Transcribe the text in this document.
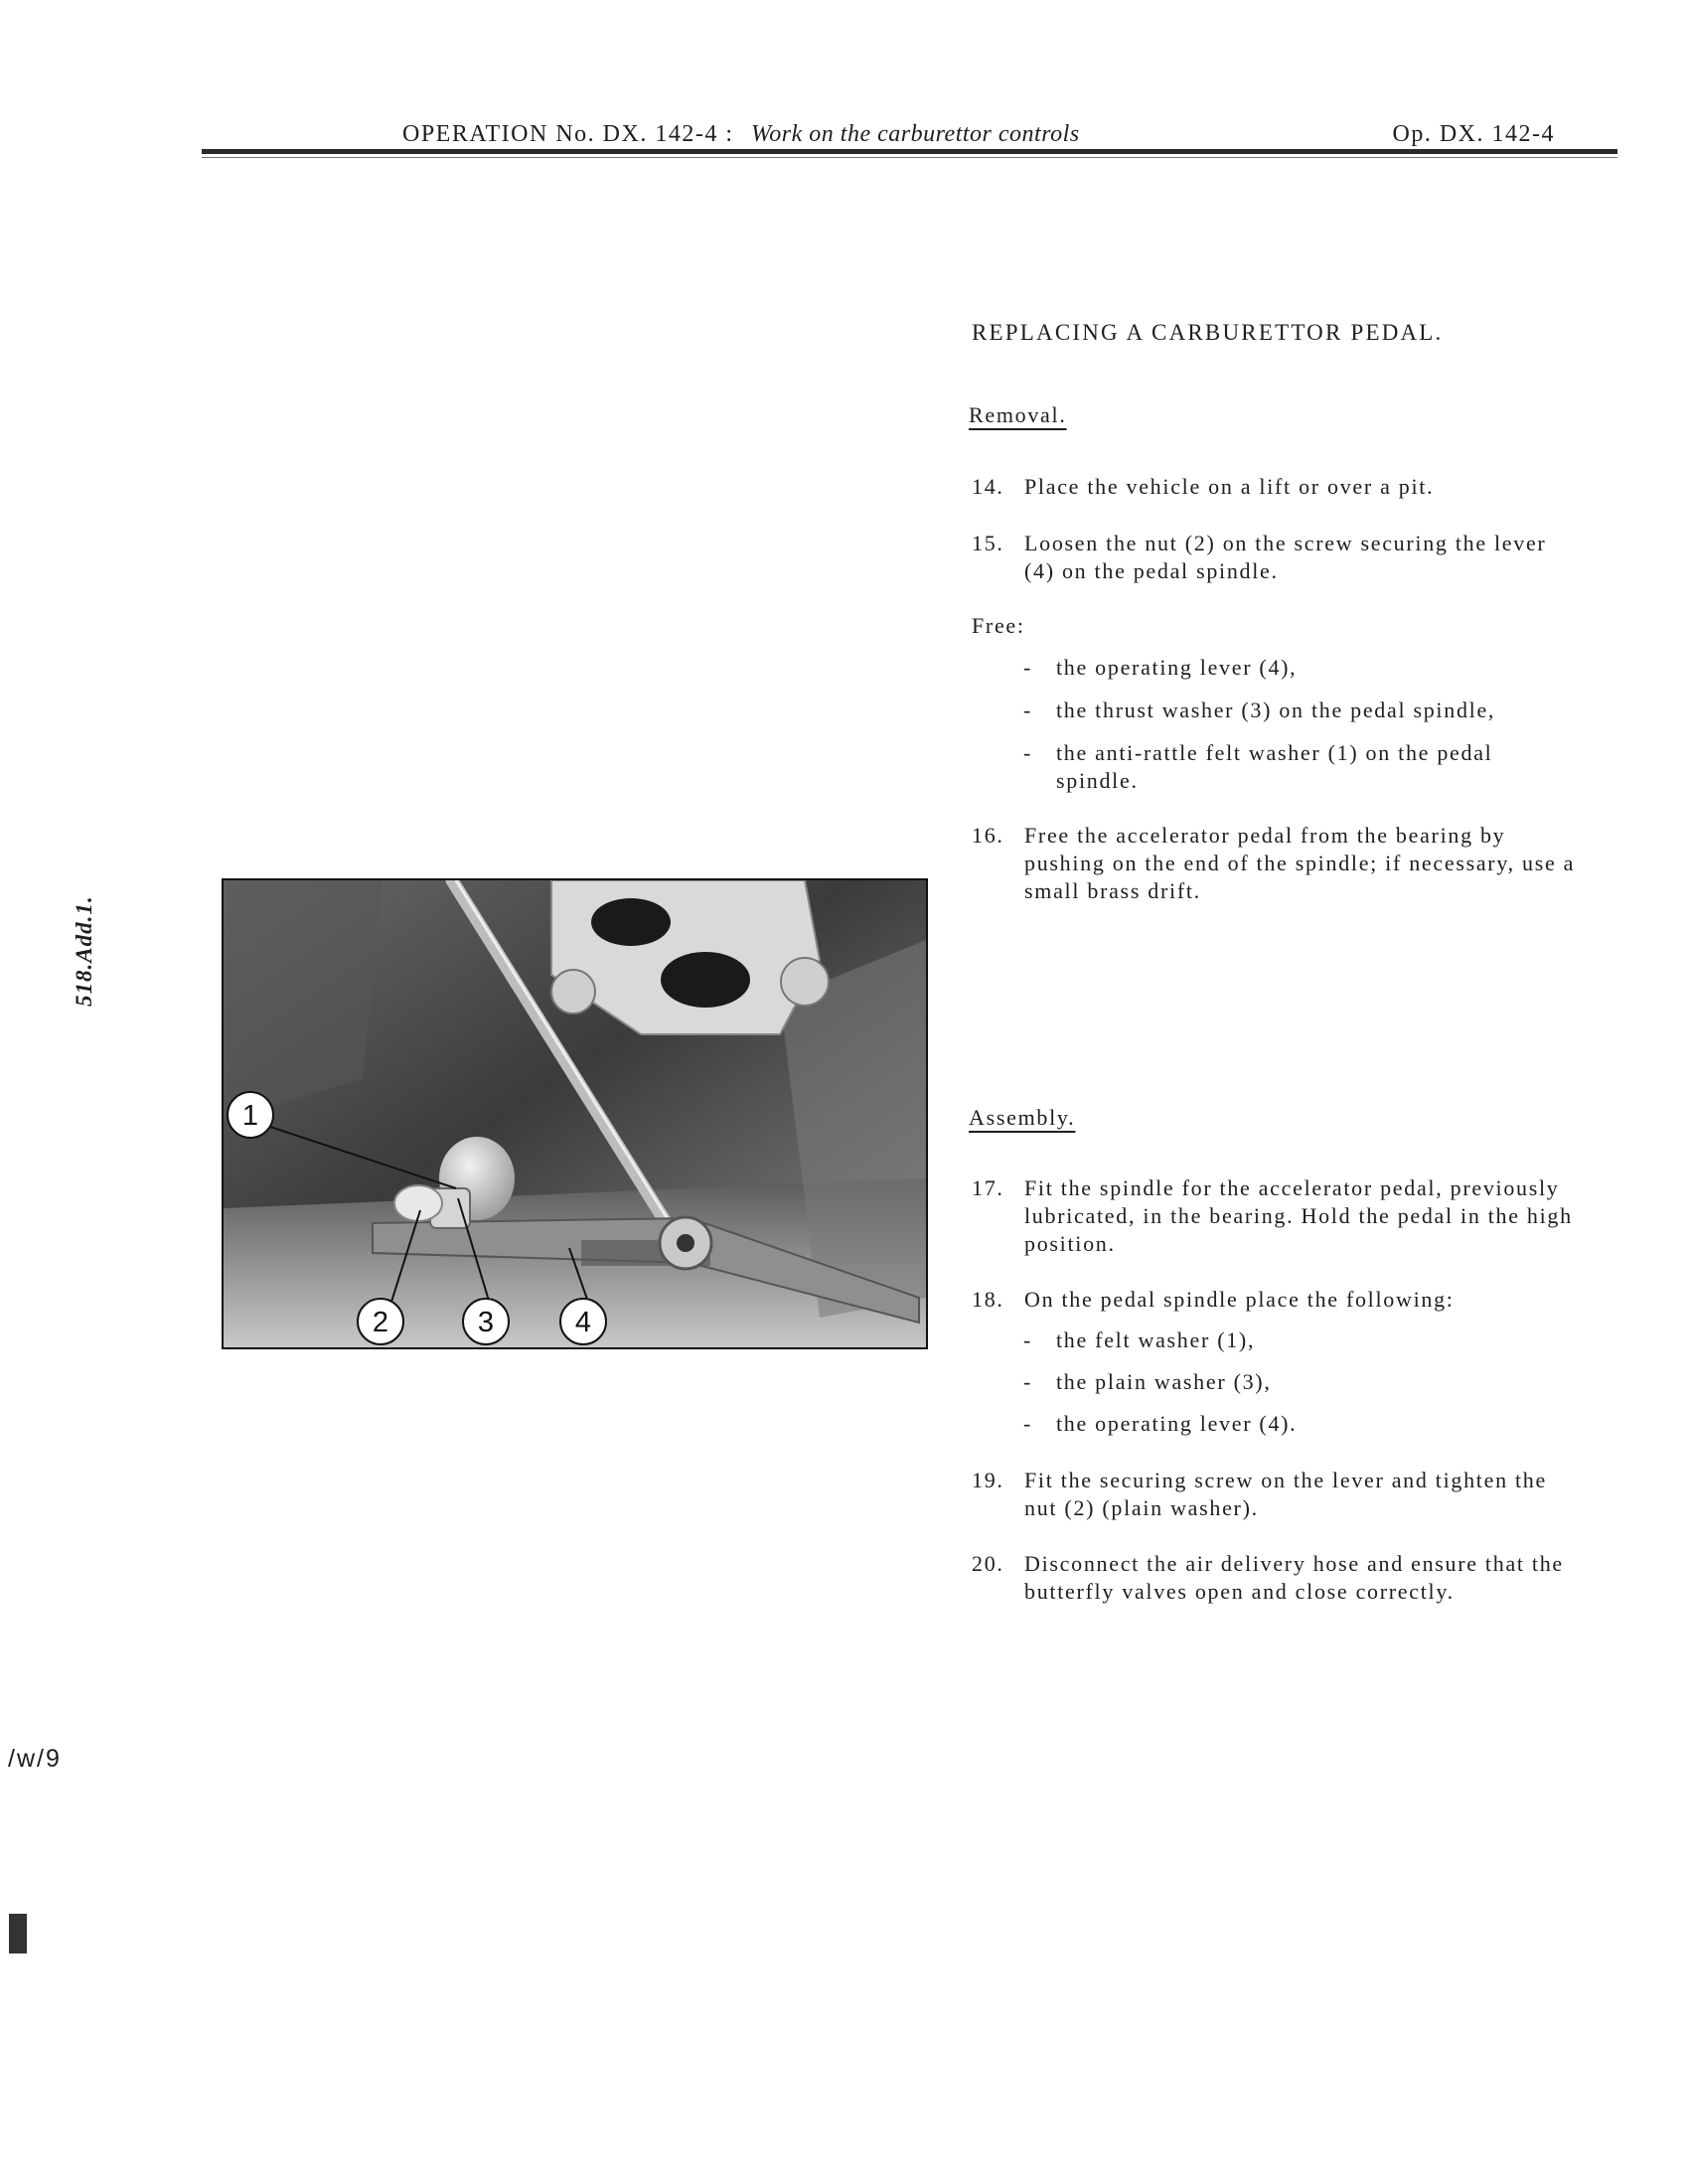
OPERATION No. DX. 142-4 : Work on the carburettor controls	Op. DX. 142-4
518.Add.1.
/w/9
REPLACING A CARBURETTOR PEDAL.
Removal.
14. Place the vehicle on a lift or over a pit.
15. Loosen the nut (2) on the screw securing the lever (4) on the pedal spindle.
Free:
- the operating lever (4),
- the thrust washer (3) on the pedal spindle,
- the anti-rattle felt washer (1) on the pedal spindle.
16. Free the accelerator pedal from the bearing by pushing on the end of the spindle; if necessary, use a small brass drift.
Assembly.
17. Fit the spindle for the accelerator pedal, previously lubricated, in the bearing. Hold the pedal in the high position.
18. On the pedal spindle place the following:
- the felt washer (1),
- the plain washer (3),
- the operating lever (4).
19. Fit the securing screw on the lever and tighten the nut (2) (plain washer).
20. Disconnect the air delivery hose and ensure that the butterfly valves open and close correctly.
1
2	3	4
